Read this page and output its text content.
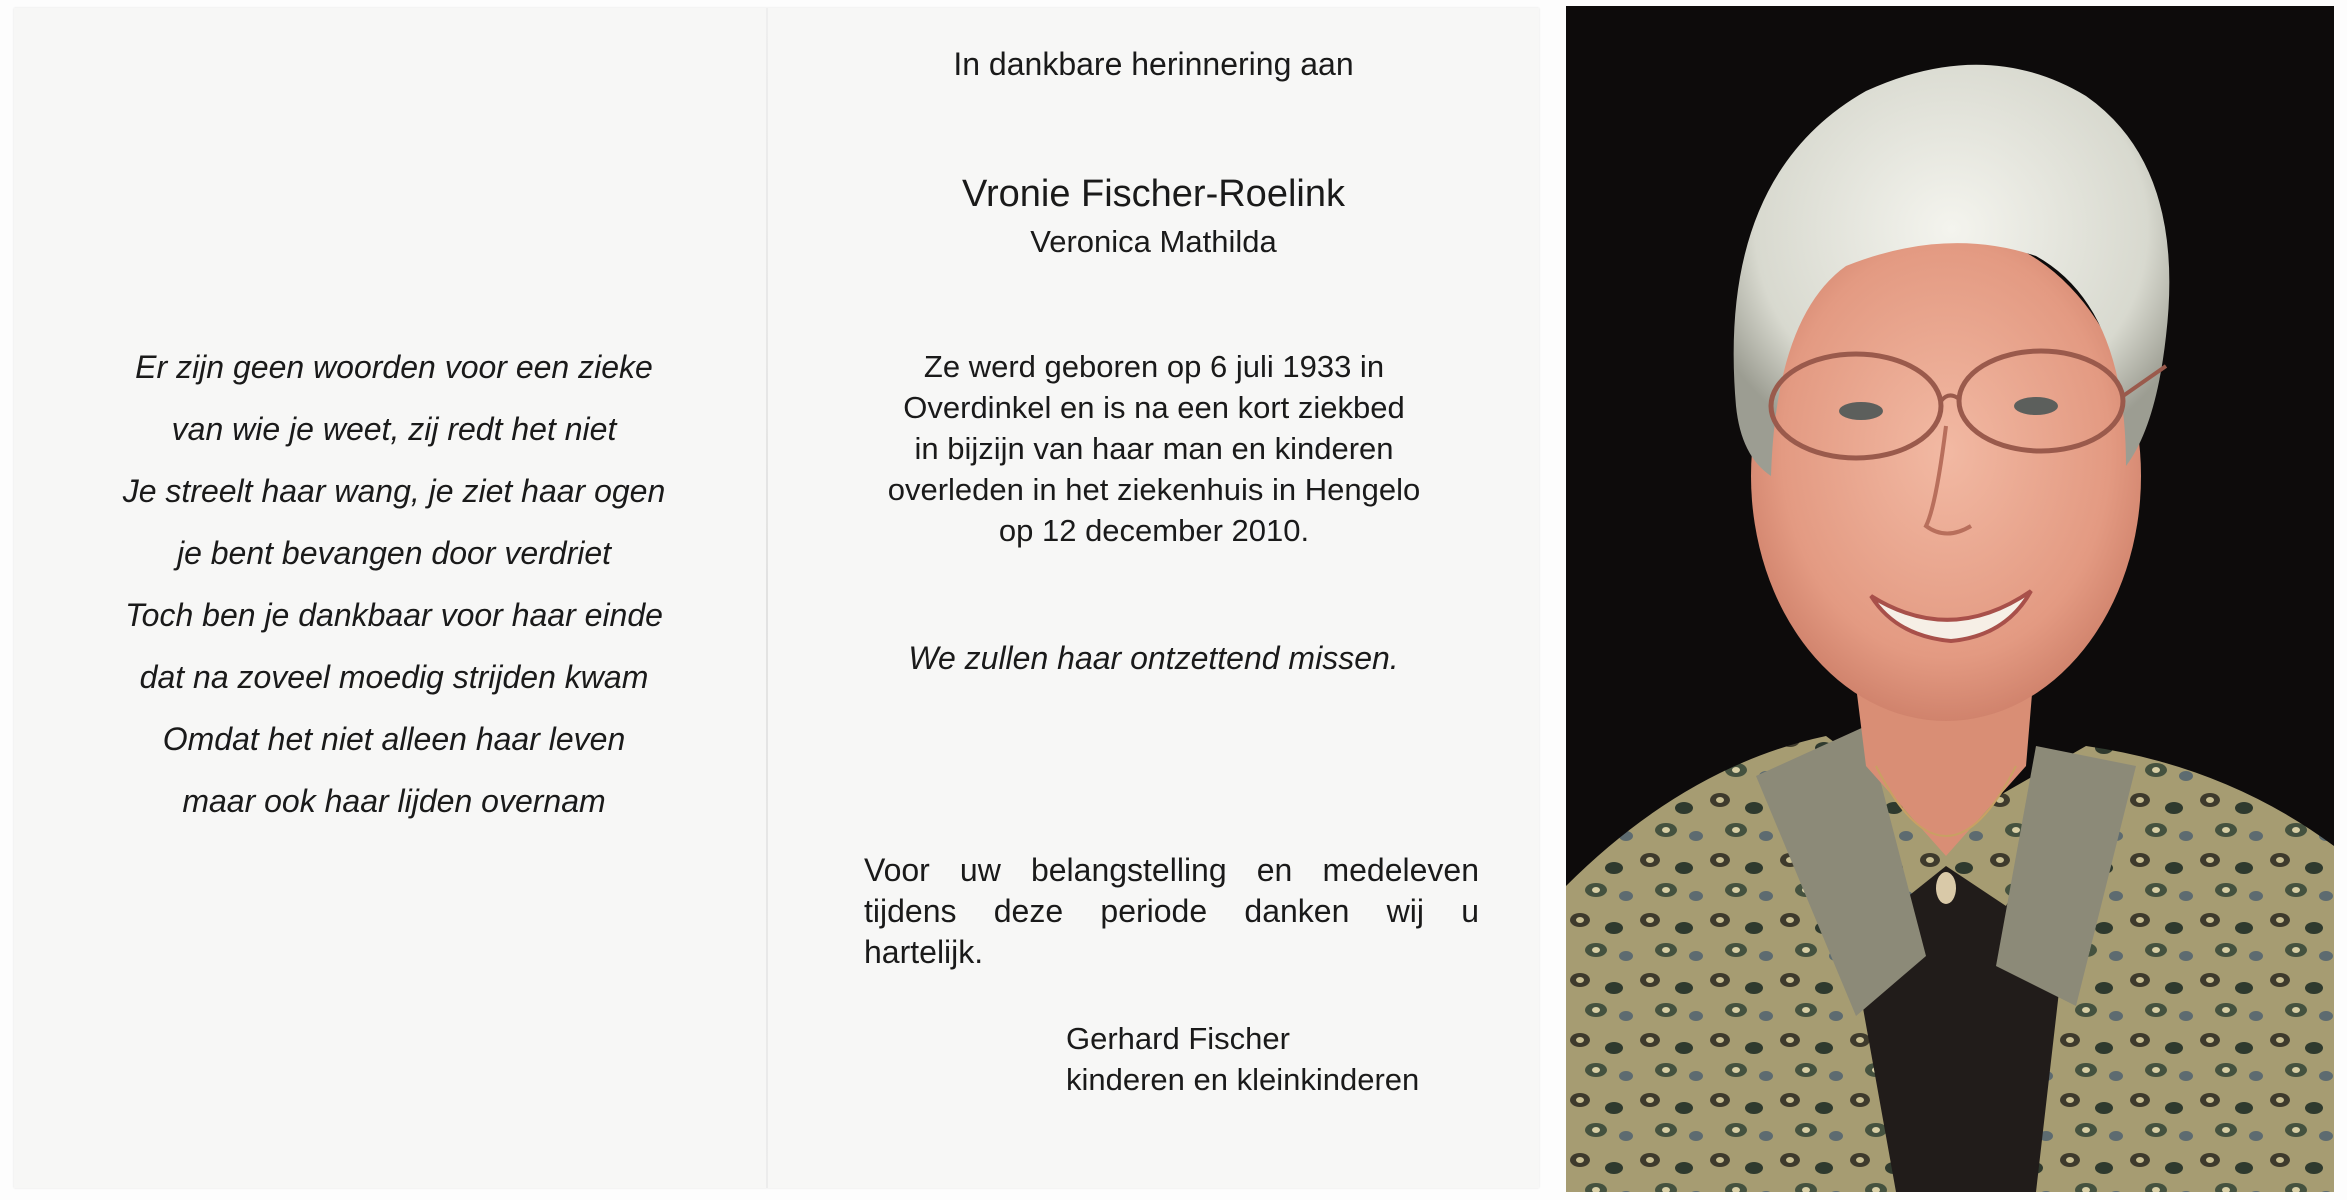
Er zijn geen woorden voor een zieke
van wie je weet, zij redt het niet
Je streelt haar wang, je ziet haar ogen
je bent bevangen door verdriet
Toch ben je dankbaar voor haar einde
dat na zoveel moedig strijden kwam
Omdat het niet alleen haar leven
maar ook haar lijden overnam
In dankbare herinnering aan
Vronie Fischer-Roelink
Veronica Mathilda
Ze werd geboren op 6 juli 1933 in
Overdinkel en is na een kort ziekbed
in bijzijn van haar man en kinderen
overleden in het ziekenhuis in Hengelo
op 12 december 2010.
We zullen haar ontzettend missen.
Voor uw belangstelling en medeleven
tijdens deze periode danken wij u
hartelijk.
Gerhard Fischer
kinderen en kleinkinderen
